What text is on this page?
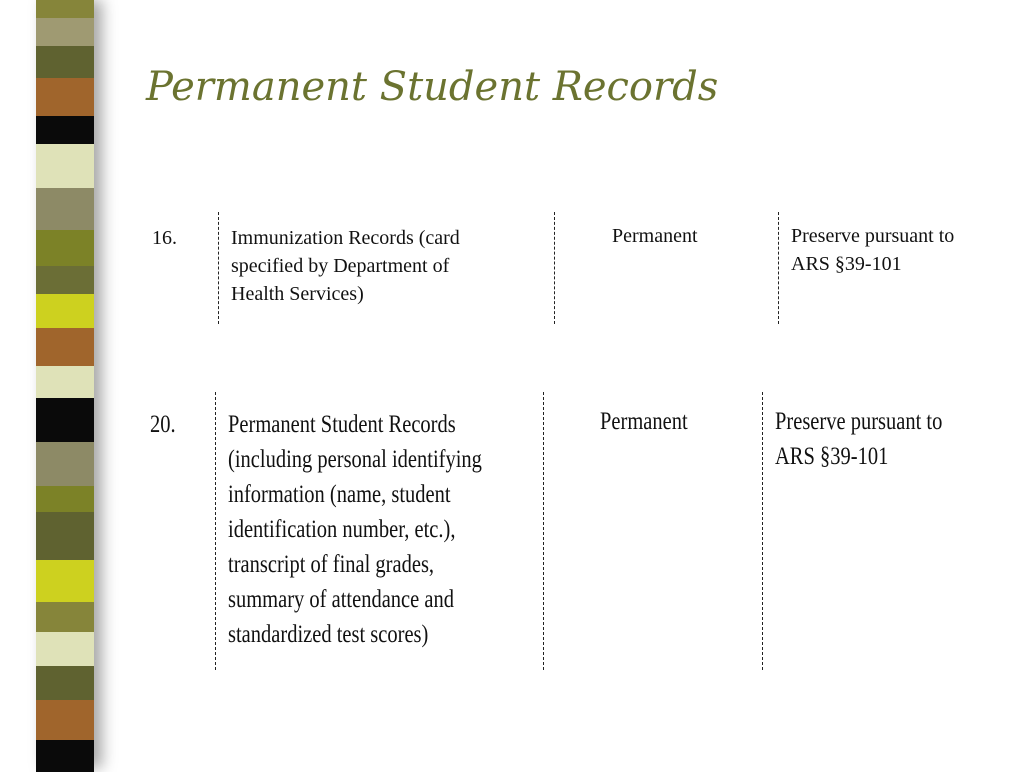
Permanent Student Records
16.	Immunization Records (card
specified by Department of
Health Services)
Permanent	Preserve pursuant to
ARS §39-101
20. Permanent Student Records
(including personal identifying
information (name, student
identification number, etc.),
transcript of final grades,
summary of attendance and
standardized test scores)
Permanent	Preserve pursuant to
ARS §39-101
